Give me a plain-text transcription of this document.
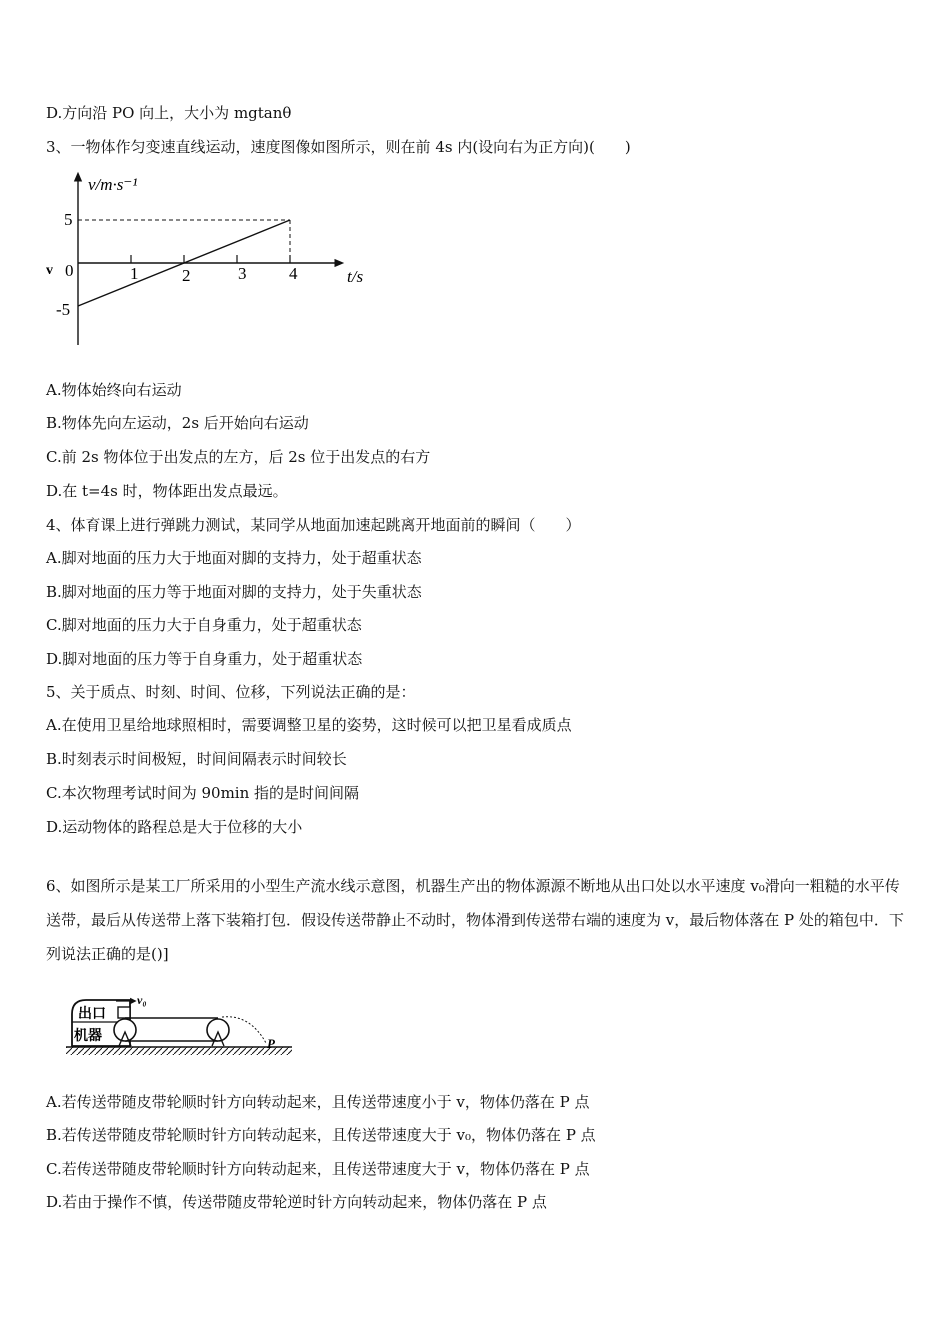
D.方向沿 PO 向上，大小为 mgtanθ
3、一物体作匀变速直线运动，速度图像如图所示，则在前 4s 内(设向右为正方向)(　　)
v/m·s⁻¹
t/s
v
5
0
-5
1	2	3	4
A.物体始终向右运动
B.物体先向左运动，2s 后开始向右运动
C.前 2s 物体位于出发点的左方，后 2s 位于出发点的右方
D.在 t=4s 时，物体距出发点最远。
4、体育课上进行弹跳力测试，某同学从地面加速起跳离开地面前的瞬间（　　）
A.脚对地面的压力大于地面对脚的支持力，处于超重状态
B.脚对地面的压力等于地面对脚的支持力，处于失重状态
C.脚对地面的压力大于自身重力，处于超重状态
D.脚对地面的压力等于自身重力，处于超重状态
5、关于质点、时刻、时间、位移，下列说法正确的是：
A.在使用卫星给地球照相时，需要调整卫星的姿势，这时候可以把卫星看成质点
B.时刻表示时间极短，时间间隔表示时间较长
C.本次物理考试时间为 90min 指的是时间间隔
D.运动物体的路程总是大于位移的大小
6、如图所示是某工厂所采用的小型生产流水线示意图，机器生产出的物体源源不断地从出口处以水平速度 v₀滑向一粗糙的水平传送带，最后从传送带上落下装箱打包．假设传送带静止不动时，物体滑到传送带右端的速度为 v，最后物体落在 P 处的箱包中．下列说法正确的是()]
出口
机器
v₀
P
A.若传送带随皮带轮顺时针方向转动起来，且传送带速度小于 v，物体仍落在 P 点
B.若传送带随皮带轮顺时针方向转动起来，且传送带速度大于 v₀，物体仍落在 P 点
C.若传送带随皮带轮顺时针方向转动起来，且传送带速度大于 v，物体仍落在 P 点
D.若由于操作不慎，传送带随皮带轮逆时针方向转动起来，物体仍落在 P 点
